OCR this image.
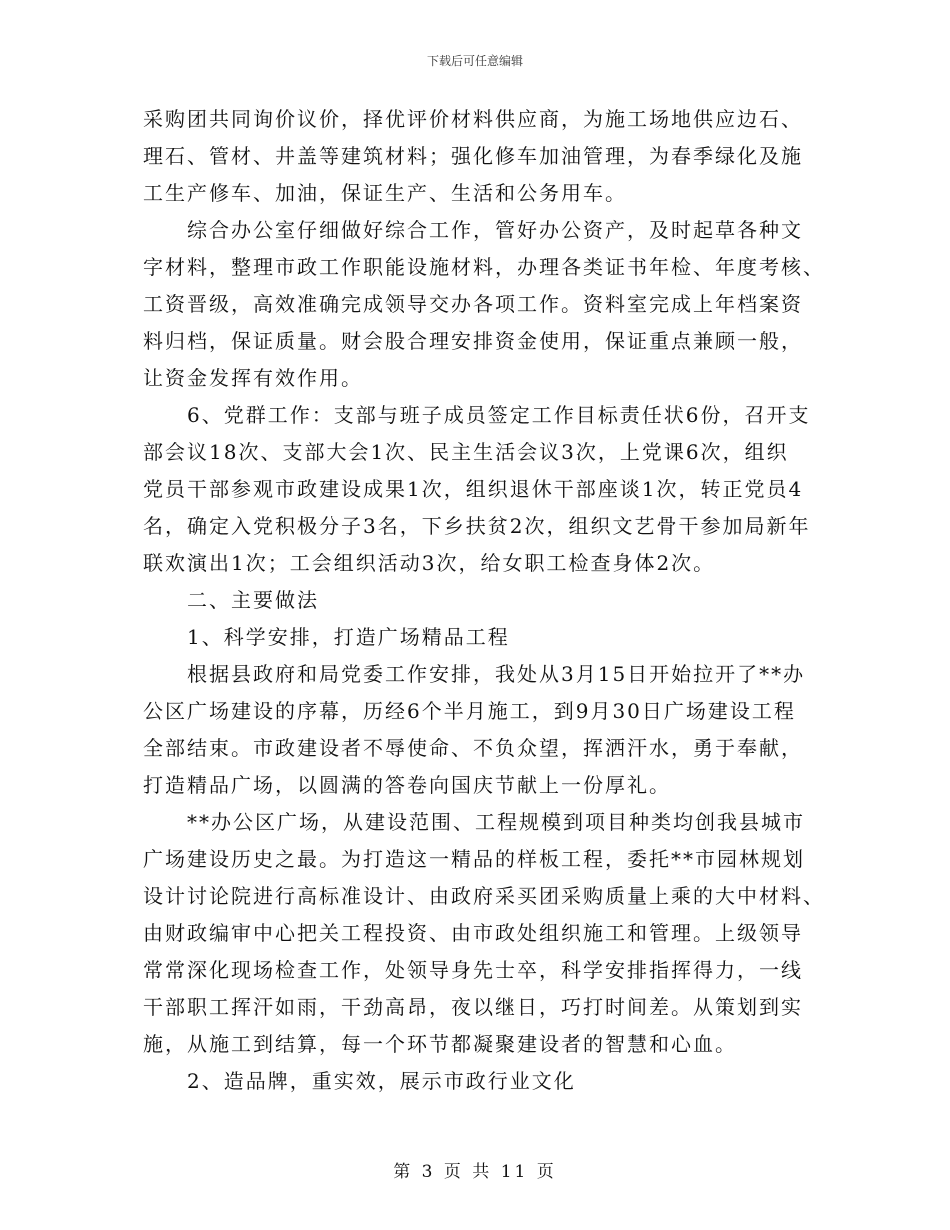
下载后可任意编辑
采购团共同询价议价，择优评价材料供应商，为施工场地供应边石、
理石、管材、井盖等建筑材料；强化修车加油管理，为春季绿化及施
工生产修车、加油，保证生产、生活和公务用车。
综合办公室仔细做好综合工作，管好办公资产，及时起草各种文
字材料，整理市政工作职能设施材料，办理各类证书年检、年度考核、
工资晋级，高效准确完成领导交办各项工作。资料室完成上年档案资
料归档，保证质量。财会股合理安排资金使用，保证重点兼顾一般，
让资金发挥有效作用。
6、党群工作：支部与班子成员签定工作目标责任状6份，召开支
部会议18次、支部大会1次、民主生活会议3次，上党课6次，组织
党员干部参观市政建设成果1次，组织退休干部座谈1次，转正党员4
名，确定入党积极分子3名，下乡扶贫2次，组织文艺骨干参加局新年
联欢演出1次；工会组织活动3次，给女职工检查身体2次。
二、主要做法
1、科学安排，打造广场精品工程
根据县政府和局党委工作安排，我处从3月15日开始拉开了**办
公区广场建设的序幕，历经6个半月施工，到9月30日广场建设工程
全部结束。市政建设者不辱使命、不负众望，挥洒汗水，勇于奉献，
打造精品广场，以圆满的答卷向国庆节献上一份厚礼。
**办公区广场，从建设范围、工程规模到项目种类均创我县城市
广场建设历史之最。为打造这一精品的样板工程，委托**市园林规划
设计讨论院进行高标准设计、由政府采买团采购质量上乘的大中材料、
由财政编审中心把关工程投资、由市政处组织施工和管理。上级领导
常常深化现场检查工作，处领导身先士卒，科学安排指挥得力，一线
干部职工挥汗如雨，干劲高昂，夜以继日，巧打时间差。从策划到实
施，从施工到结算，每一个环节都凝聚建设者的智慧和心血。
2、造品牌，重实效，展示市政行业文化
第 3 页 共 11 页
